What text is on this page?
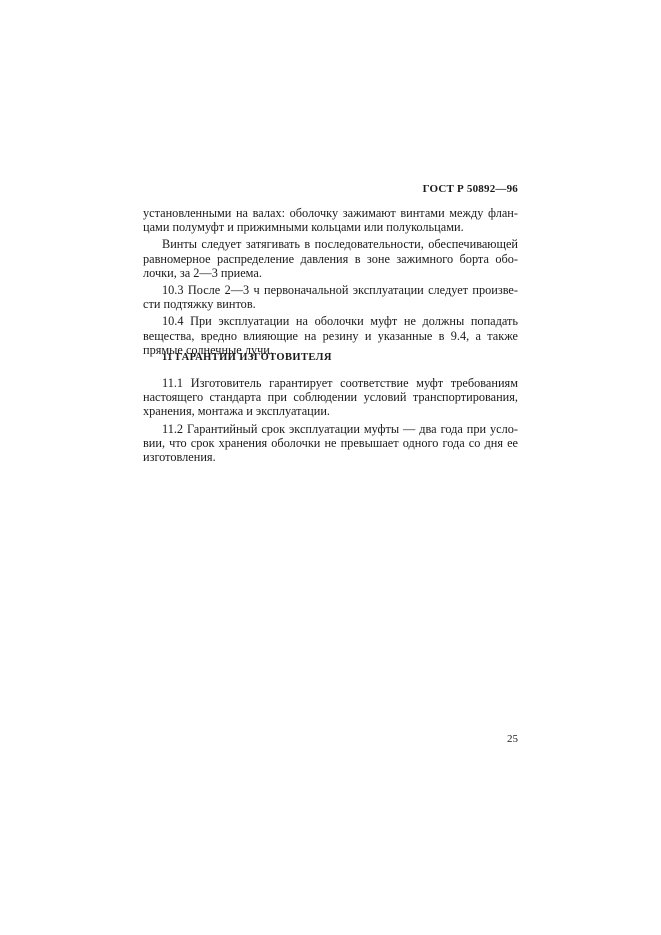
ГОСТ Р 50892—96

установленными на валах: оболочку зажимают винтами между фланцами полумуфт и прижимными кольцами или полукольцами.

Винты следует затягивать в последовательности, обеспечивающей равномерное распределение давления в зоне зажимного борта оболочки, за 2—3 приема.

10.3 После 2—3 ч первоначальной эксплуатации следует произвести подтяжку винтов.

10.4 При эксплуатации на оболочки муфт не должны попадать вещества, вредно влияющие на резину и указанные в 9.4, а также прямые солнечные лучи.

11 ГАРАНТИИ ИЗГОТОВИТЕЛЯ

11.1 Изготовитель гарантирует соответствие муфт требованиям настоящего стандарта при соблюдении условий транспортирования, хранения, монтажа и эксплуатации.

11.2 Гарантийный срок эксплуатации муфты — два года при условии, что срок хранения оболочки не превышает одного года со дня ее изготовления.

25
